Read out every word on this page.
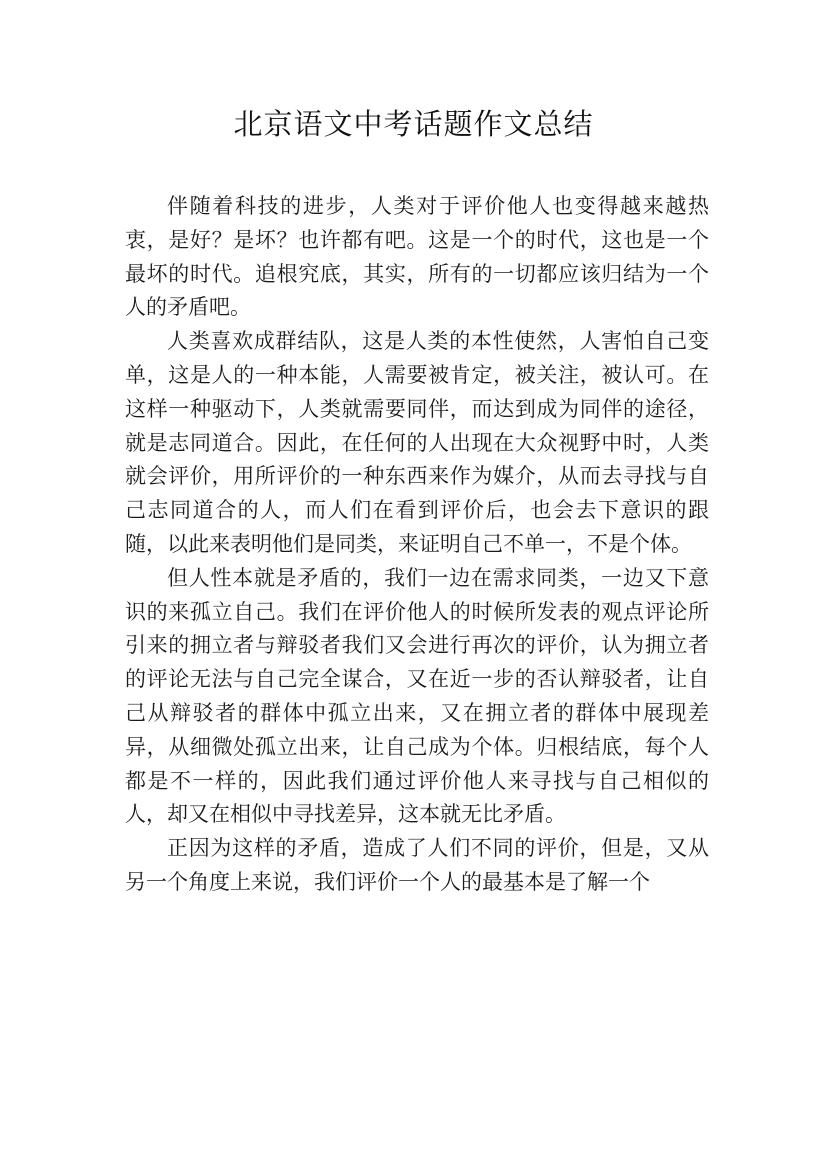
北京语文中考话题作文总结

伴随着科技的进步，人类对于评价他人也变得越来越热衷，是好？是坏？也许都有吧。这是一个的时代，这也是一个最坏的时代。追根究底，其实，所有的一切都应该归结为一个人的矛盾吧。

人类喜欢成群结队，这是人类的本性使然，人害怕自己变单，这是人的一种本能，人需要被肯定，被关注，被认可。在这样一种驱动下，人类就需要同伴，而达到成为同伴的途径，就是志同道合。因此，在任何的人出现在大众视野中时，人类就会评价，用所评价的一种东西来作为媒介，从而去寻找与自己志同道合的人，而人们在看到评价后，也会去下意识的跟随，以此来表明他们是同类，来证明自己不单一，不是个体。

但人性本就是矛盾的，我们一边在需求同类，一边又下意识的来孤立自己。我们在评价他人的时候所发表的观点评论所引来的拥立者与辩驳者我们又会进行再次的评价，认为拥立者的评论无法与自己完全谋合，又在近一步的否认辩驳者，让自己从辩驳者的群体中孤立出来，又在拥立者的群体中展现差异，从细微处孤立出来，让自己成为个体。归根结底，每个人都是不一样的，因此我们通过评价他人来寻找与自己相似的人，却又在相似中寻找差异，这本就无比矛盾。

正因为这样的矛盾，造成了人们不同的评价，但是，又从另一个角度上来说，我们评价一个人的最基本是了解一个
